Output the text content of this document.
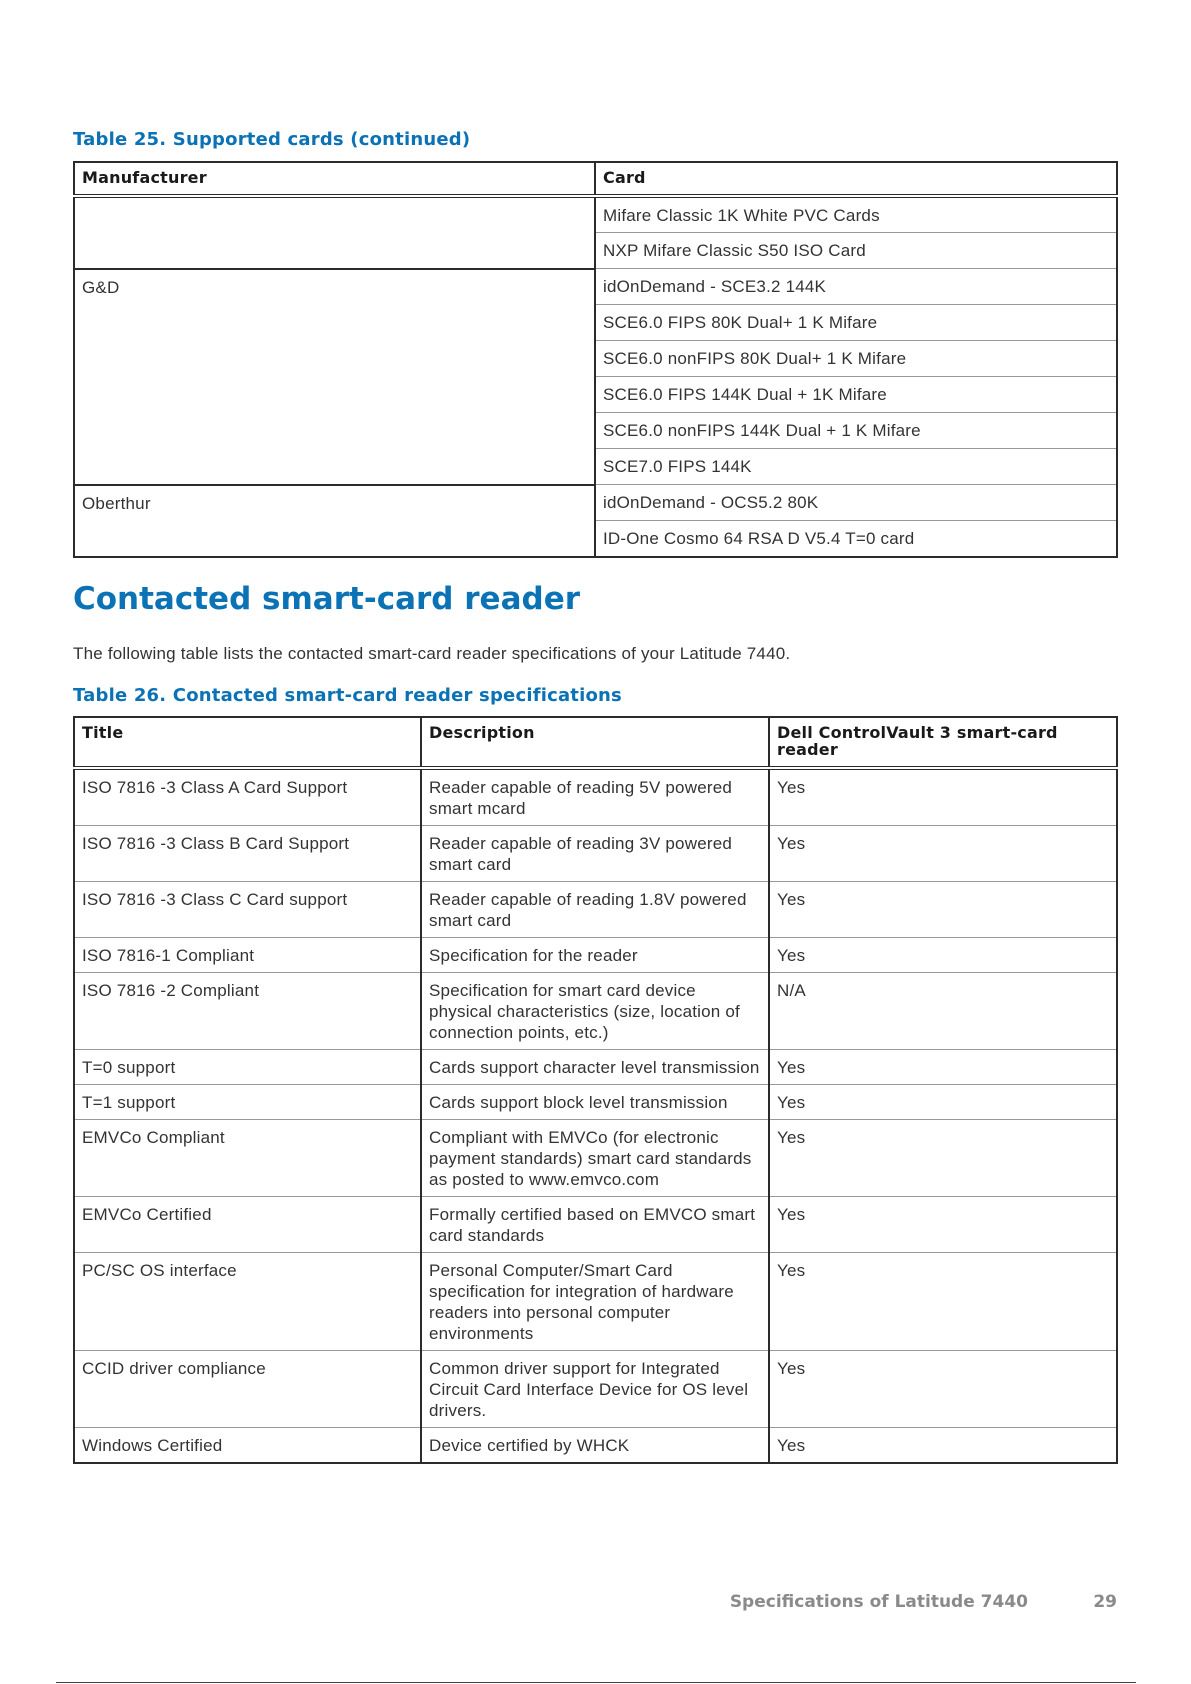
Table 25. Supported cards (continued)
Manufacturer	Card
	Mifare Classic 1K White PVC Cards
	NXP Mifare Classic S50 ISO Card
G&D	idOnDemand - SCE3.2 144K
	SCE6.0 FIPS 80K Dual+ 1 K Mifare
	SCE6.0 nonFIPS 80K Dual+ 1 K Mifare
	SCE6.0 FIPS 144K Dual + 1K Mifare
	SCE6.0 nonFIPS 144K Dual + 1 K Mifare
	SCE7.0 FIPS 144K
Oberthur	idOnDemand - OCS5.2 80K
	ID-One Cosmo 64 RSA D V5.4 T=0 card
Contacted smart-card reader

The following table lists the contacted smart-card reader specifications of your Latitude 7440.

Table 26. Contacted smart-card reader specifications
Title	Description	Dell ControlVault 3 smart-card reader
ISO 7816 -3 Class A Card Support	Reader capable of reading 5V powered smart mcard	Yes
ISO 7816 -3 Class B Card Support	Reader capable of reading 3V powered smart card	Yes
ISO 7816 -3 Class C Card support	Reader capable of reading 1.8V powered smart card	Yes
ISO 7816-1 Compliant	Specification for the reader	Yes
ISO 7816 -2 Compliant	Specification for smart card device physical characteristics (size, location of connection points, etc.)	N/A
T=0 support	Cards support character level transmission	Yes
T=1 support	Cards support block level transmission	Yes
EMVCo Compliant	Compliant with EMVCo (for electronic payment standards) smart card standards as posted to www.emvco.com	Yes
EMVCo Certified	Formally certified based on EMVCO smart card standards	Yes
PC/SC OS interface	Personal Computer/Smart Card specification for integration of hardware readers into personal computer environments	Yes
CCID driver compliance	Common driver support for Integrated Circuit Card Interface Device for OS level drivers.	Yes
Windows Certified	Device certified by WHCK	Yes
Specifications of Latitude 7440	29
